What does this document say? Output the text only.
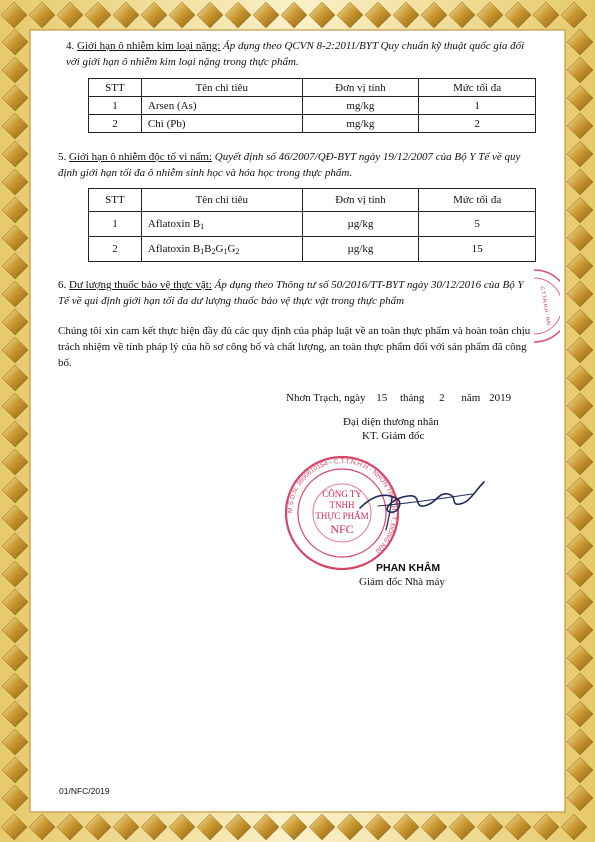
4. Giới hạn ô nhiễm kim loại nặng: Áp dụng theo QCVN 8-2:2011/BYT Quy chuẩn kỹ thuật quốc gia đối với giới hạn ô nhiễm kim loại nặng trong thực phẩm.
STT	Tên chỉ tiêu	Đơn vị tính	Mức tối đa
1	Arsen (As)	mg/kg	1
2	Chì (Pb)	mg/kg	2
5. Giới hạn ô nhiễm độc tố vi nấm: Quyết định số 46/2007/QĐ-BYT ngày 19/12/2007 của Bộ Y Tế về quy định giới hạn tối đa ô nhiễm sinh học và hóa học trong thực phẩm.
STT	Tên chỉ tiêu	Đơn vị tính	Mức tối đa
1	Aflatoxin $B_1$	µg/kg	5
2	Aflatoxin $B_1B_2G_1G_2$	µg/kg	15
6. Dư lượng thuốc bảo vệ thực vật: Áp dụng theo Thông tư số 50/2016/TT-BYT ngày 30/12/2016 của Bộ Y Tế về qui định giới hạn tối đa dư lượng thuốc bảo vệ thực vật trong thực phẩm
Chúng tôi xin cam kết thực hiện đầy đủ các quy định của pháp luật về an toàn thực phẩm và hoàn toàn chịu trách nhiệm về tính pháp lý của hồ sơ công bố và chất lượng, an toàn thực phẩm đối với sản phẩm đã công bố.
Nhơn Trạch, ngày 15 tháng 2 năm 2019
Đại diện thương nhân
KT. Giám đốc
M.S.D.N: 3600610154 - C.T.T.N.H.H - NHƠN TRẠCH - T. ĐỒNG NAI
CÔNG TY
TNHH
THỰC PHẨM
NFC
C.T.T.N.H.H - NAI
PHAN KHÂM
Giám đốc Nhà máy
01/NFC/2019
